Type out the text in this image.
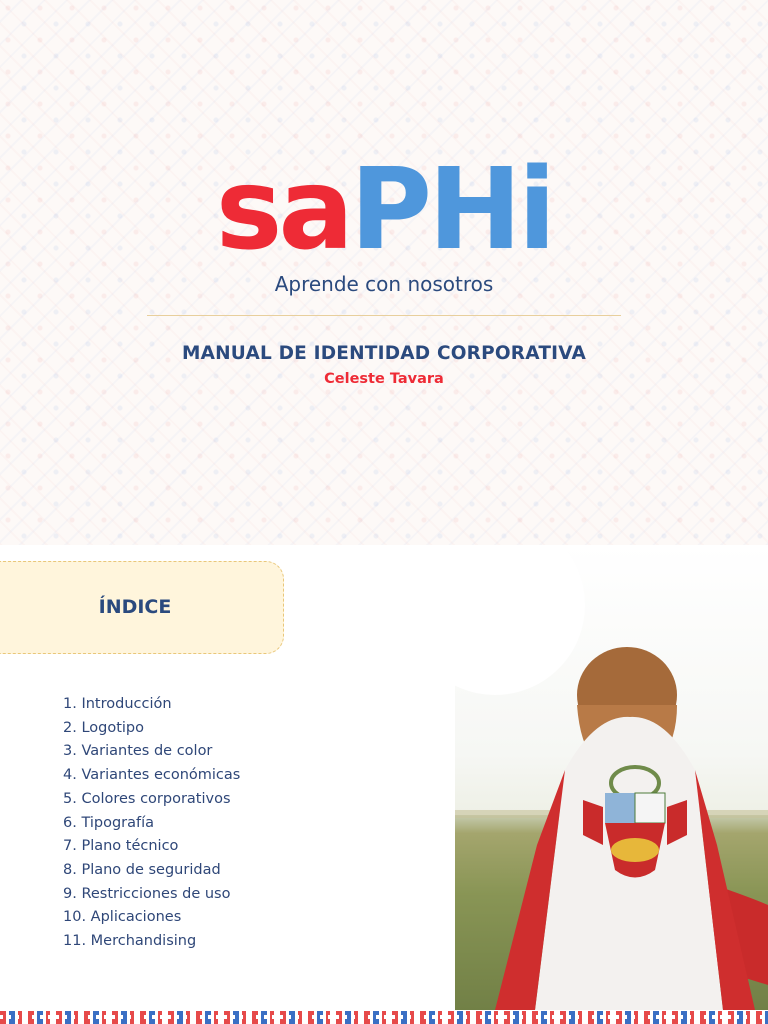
saPHi
Aprende con nosotros
MANUAL DE IDENTIDAD CORPORATIVA
Celeste Tavara
ÍNDICE
1. Introducción
2. Logotipo
3. Variantes de color
4. Variantes económicas
5. Colores corporativos
6. Tipografía
7. Plano técnico
8. Plano de seguridad
9. Restricciones de uso
10. Aplicaciones
11. Merchandising
